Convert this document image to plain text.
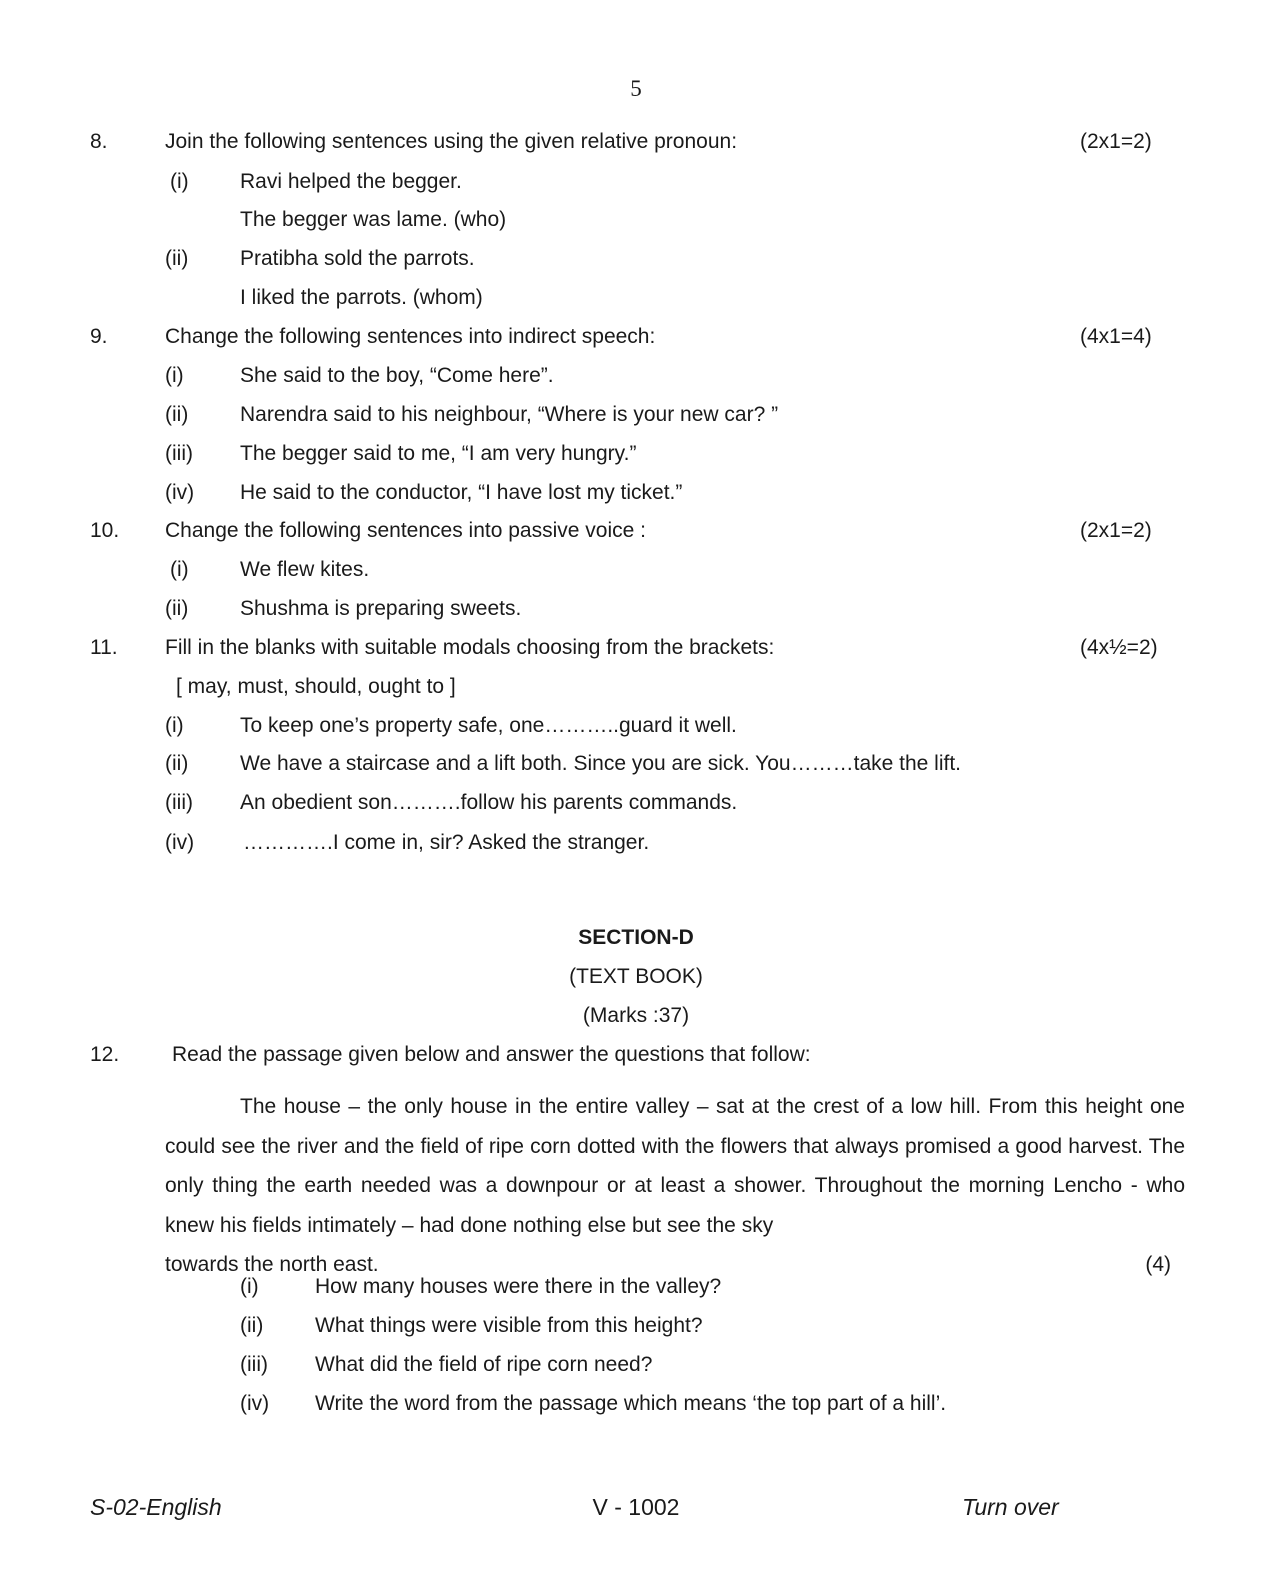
5
8.	Join the following sentences using the given relative pronoun:	(2x1=2)
(i) Ravi helped the begger.
The begger was lame. (who)
(ii) Pratibha sold the parrots.
I liked the parrots. (whom)
9.	Change the following sentences into indirect speech:	(4x1=4)
(i)	She said to the boy, “Come here”.
(ii) Narendra said to his neighbour, “Where is your new car? ”
(iii) The begger said to me, “I am very hungry.”
(iv) He said to the conductor, “I have lost my ticket.”
10. Change the following sentences into passive voice :	(2x1=2)
(i) We flew kites.
(ii) Shushma is preparing sweets.
11. Fill in the blanks with suitable modals choosing from the brackets:	(4x½=2)
[ may, must, should, ought to ]
(i)	To keep one’s property safe, one………..guard it well.
(ii) We have a staircase and a lift both. Since you are sick. You………take the lift.
(iii) An obedient son……….follow his parents commands.
(iv) ………….I come in, sir? Asked the stranger.
SECTION-D
(TEXT BOOK)
(Marks :37)
12.	Read the passage given below and answer the questions that follow:
The house – the only house in the entire valley – sat at the crest of a low hill. From this height one could see the river and the field of ripe corn dotted with the flowers that always promised a good harvest. The only thing the earth needed was a downpour or at least a shower. Throughout the morning Lencho - who knew his fields intimately – had done nothing else but see the sky
towards the north east.	(4)
(i)	How many houses were there in the valley?
(ii) What things were visible from this height?
(iii) What did the field of ripe corn need?
(iv) Write the word from the passage which means ‘the top part of a hill’.
S-02-English	V - 1002	Turn over
